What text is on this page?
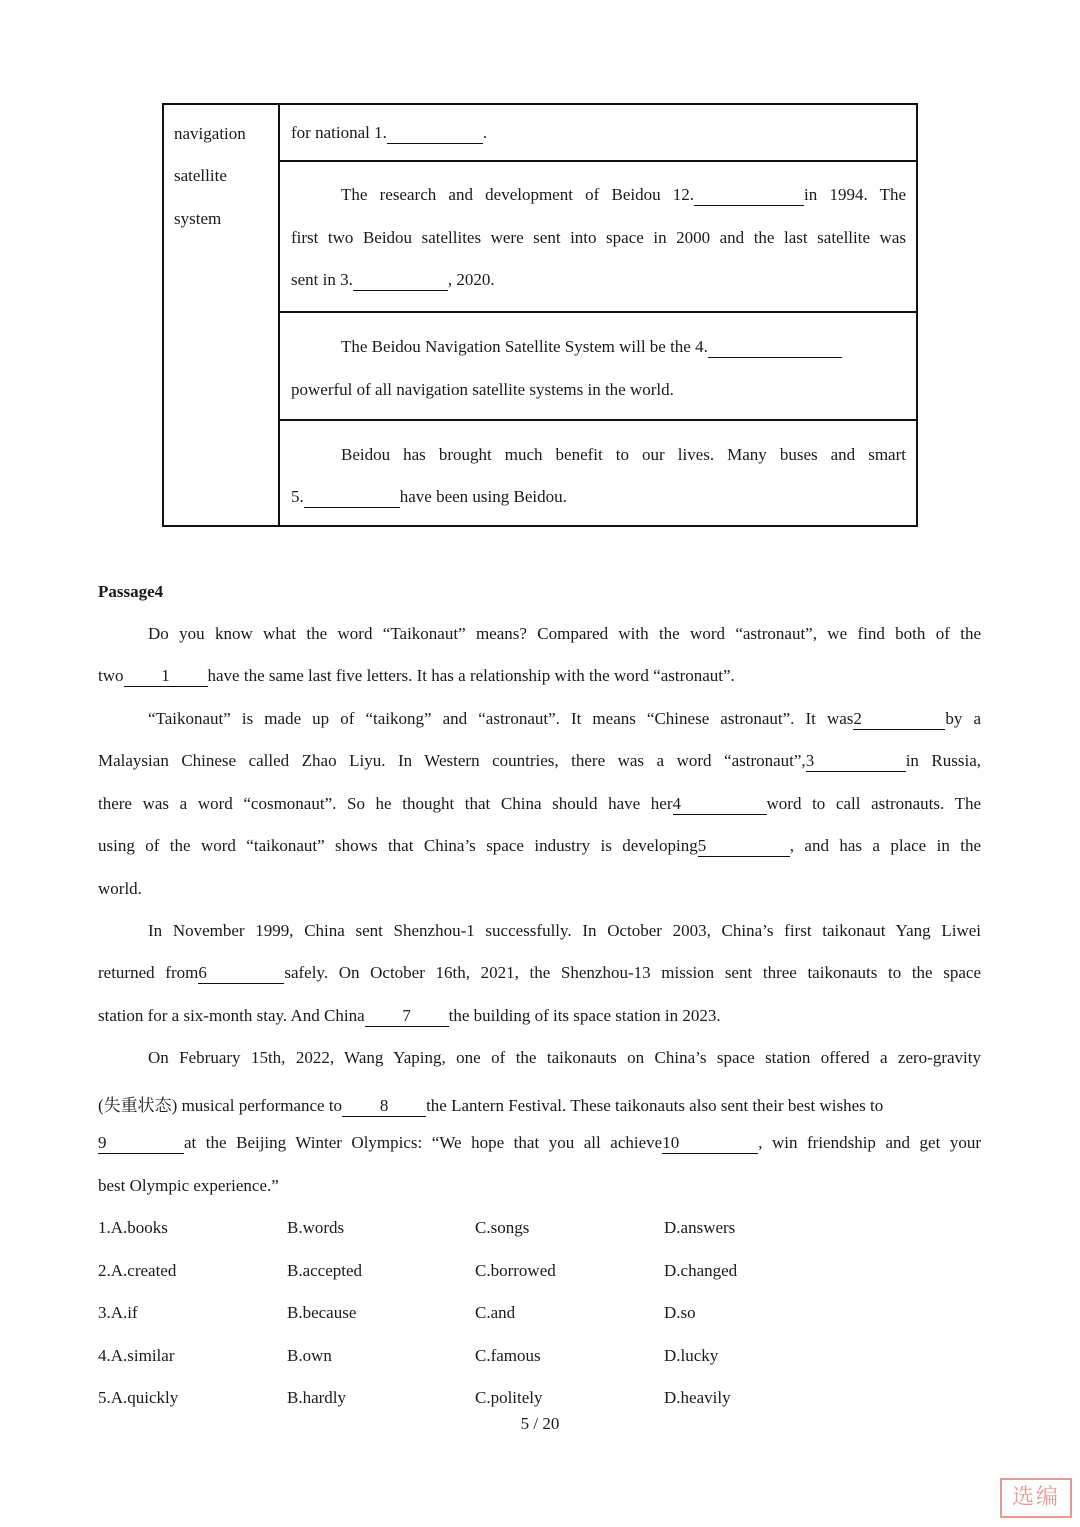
navigation
satellite
system
for national 1.	.
The research and development of Beidou 12.	in 1994. The
first two Beidou satellites were sent into space in 2000 and the last satellite was
sent in 3.	, 2020.
The Beidou Navigation Satellite System will be the 4.
powerful of all navigation satellite systems in the world.
Beidou has brought much benefit to our lives. Many buses and smart
5.	have been using Beidou.
Passage4
Do you know what the word “Taikonaut” means? Compared with the word “astronaut”, we find both of the
two 1 have the same last five letters. It has a relationship with the word “astronaut”.
“Taikonaut” is made up of “taikong” and “astronaut”. It means “Chinese astronaut”. It was2	by a
Malaysian Chinese called Zhao Liyu. In Western countries, there was a word “astronaut”,3	in Russia,
there was a word “cosmonaut”. So he thought that China should have her4	word to call astronauts. The
using of the word “taikonaut” shows that China’s space industry is developing5	, and has a place in the
world.
In November 1999, China sent Shenzhou-1 successfully. In October 2003, China’s first taikonaut Yang Liwei
returned from6	safely. On October 16th, 2021, the Shenzhou-13 mission sent three taikonauts to the space
station for a six-month stay. And China 7 the building of its space station in 2023.
On February 15th, 2022, Wang Yaping, one of the taikonauts on China’s space station offered a zero-gravity
(失重状态) musical performance to 8 the Lantern Festival. These taikonauts also sent their best wishes to
9	at the Beijing Winter Olympics: “We hope that you all achieve10	, win friendship and get your
best Olympic experience.”
1.A.books	B.words	C.songs	D.answers
2.A.created	B.accepted	C.borrowed	D.changed
3.A.if	B.because	C.and	D.so
4.A.similar	B.own	C.famous	D.lucky
5.A.quickly	B.hardly	C.politely	D.heavily
5 / 20
选编
